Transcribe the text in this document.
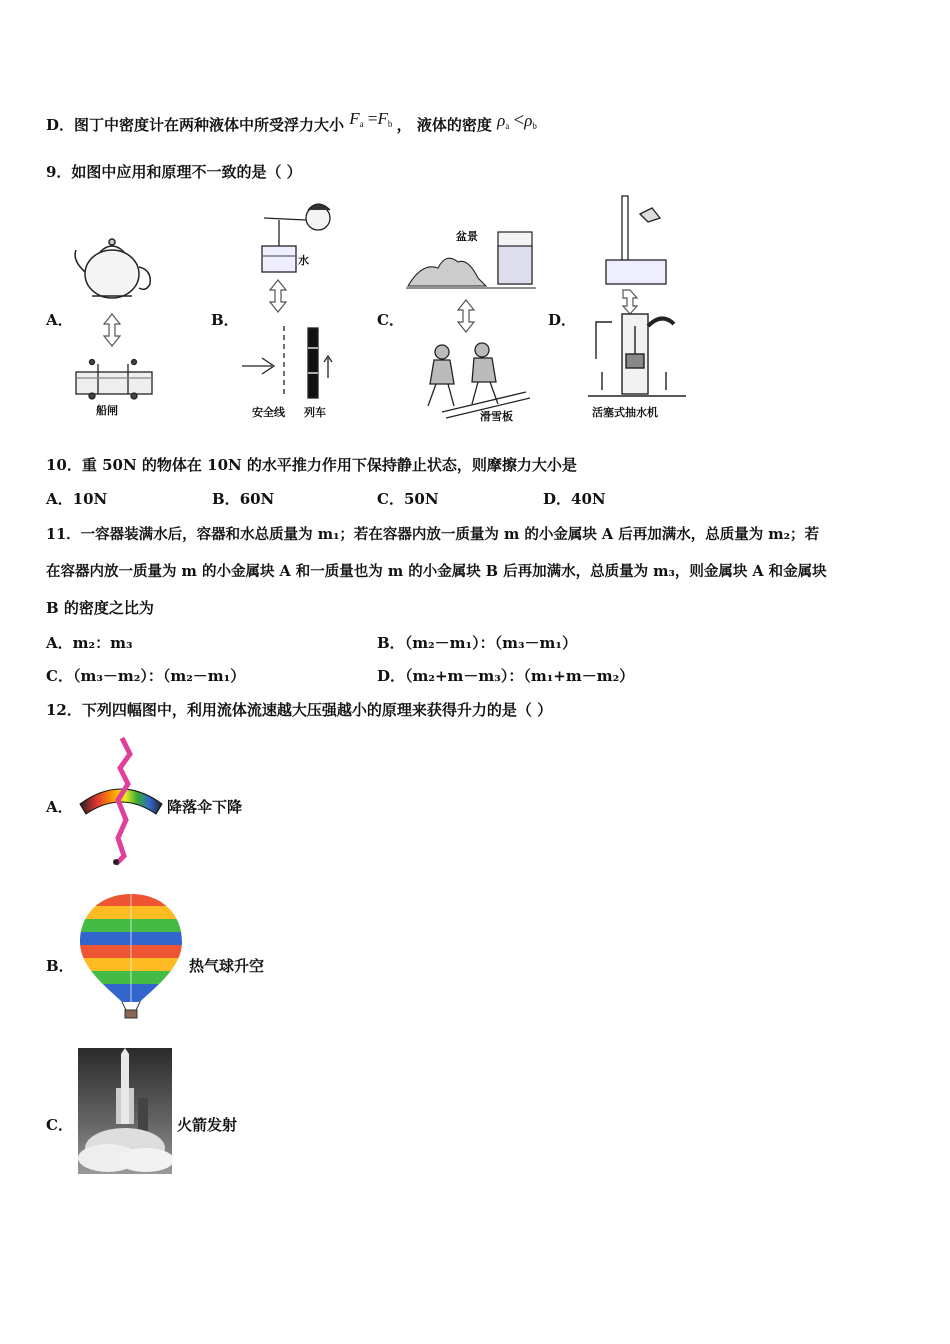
D．图丁中密度计在两种液体中所受浮力大小 $F_a =F_b$ ， 液体的密度 $\rho_a <\rho_b$
9．如图中应用和原理不一致的是（ ）
A．
船闸
B．
水
安全线 列车
C．
盆景
滑雪板
D．
活塞式抽水机
10．重 50N 的物体在 10N 的水平推力作用下保持静止状态，则摩擦力大小是
A．10N	B．60N	C．50N	D．40N
11．一容器装满水后，容器和水总质量为 m₁；若在容器内放一质量为 m 的小金属块 A 后再加满水，总质量为 m₂；若
在容器内放一质量为 m 的小金属块 A 和一质量也为 m 的小金属块 B 后再加满水，总质量为 m₃，则金属块 A 和金属块
B 的密度之比为
A．m₂：m₃	B．（m₂－m₁）：（m₃－m₁）
C．（m₃－m₂）：（m₂－m₁）	D．（m₂+m－m₃）：（m₁+m－m₂）
12．下列四幅图中，利用流体流速越大压强越小的原理来获得升力的是（ ）
A．	降落伞下降
B．	热气球升空
C．	火箭发射
